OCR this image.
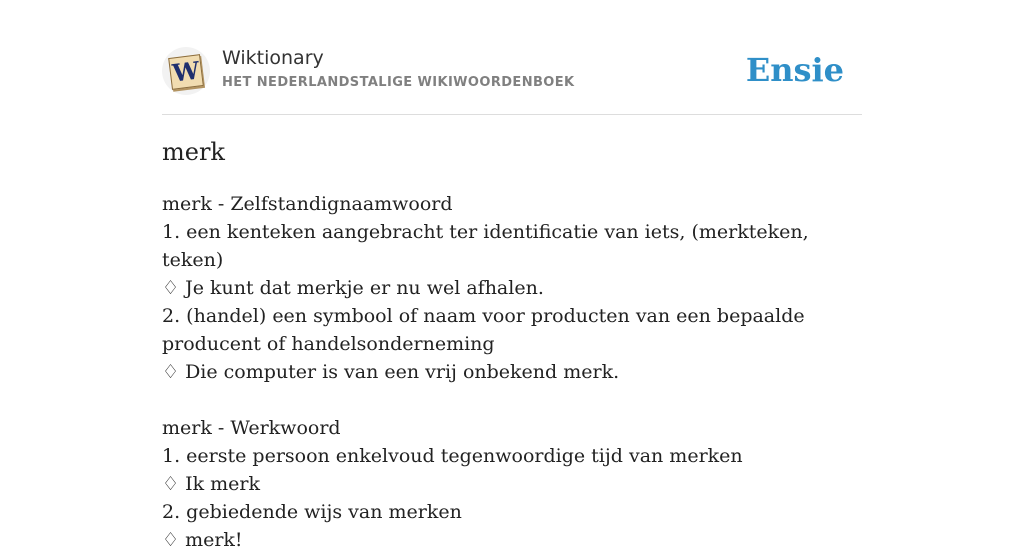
W Wiktionary
HET NEDERLANDSTALIGE WIKIWOORDENBOEK	Ensie
merk
merk - Zelfstandignaamwoord
1. een kenteken aangebracht ter identificatie van iets, (merkteken, teken)
♢ Je kunt dat merkje er nu wel afhalen.
2. (handel) een symbool of naam voor producten van een bepaalde producent of handelsonderneming
♢ Die computer is van een vrij onbekend merk.
merk - Werkwoord
1. eerste persoon enkelvoud tegenwoordige tijd van merken
♢ Ik merk
2. gebiedende wijs van merken
♢ merk!
